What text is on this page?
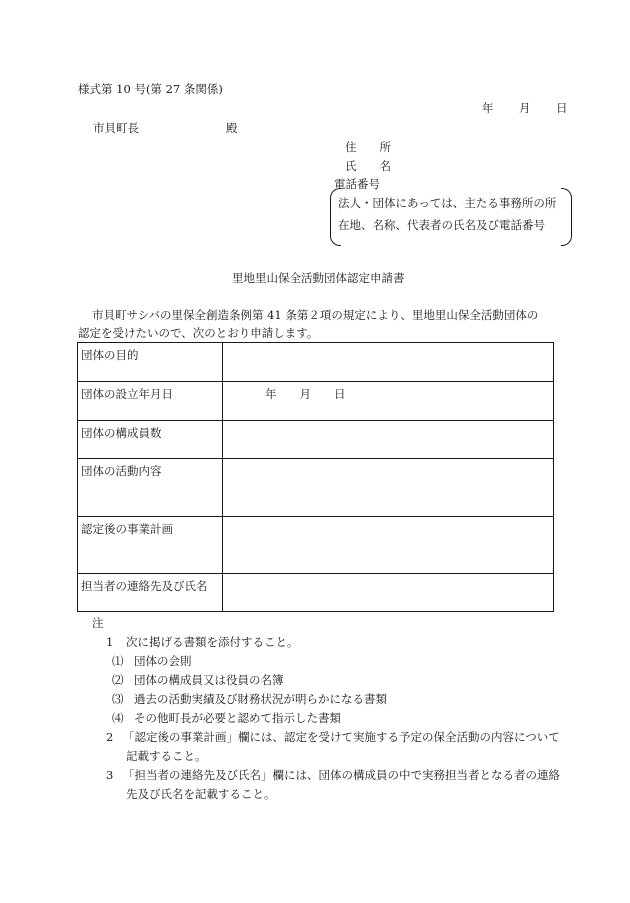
様式第 10 号(第 27 条関係)
年 月 日
市貝町長	殿
住　　所
氏　　名
電話番号
法人・団体にあっては、主たる事務所の所在地、名称、代表者の氏名及び電話番号
里地里山保全活動団体認定申請書
市貝町サシバの里保全創造条例第 41 条第２項の規定により、里地里山保全活動団体の
認定を受けたいので、次のとおり申請します。
団体の目的	
団体の設立年月日	年　　月　　日
団体の構成員数	
団体の活動内容	
認定後の事業計画	
担当者の連絡先及び氏名	
注
1 次に掲げる書類を添付すること。
⑴ 団体の会則
⑵ 団体の構成員又は役員の名簿
⑶ 過去の活動実績及び財務状況が明らかになる書類
⑷ その他町長が必要と認めて指示した書類
2 「認定後の事業計画」欄には、認定を受けて実施する予定の保全活動の内容について
記載すること。
3 「担当者の連絡先及び氏名」欄には、団体の構成員の中で実務担当者となる者の連絡
先及び氏名を記載すること。
